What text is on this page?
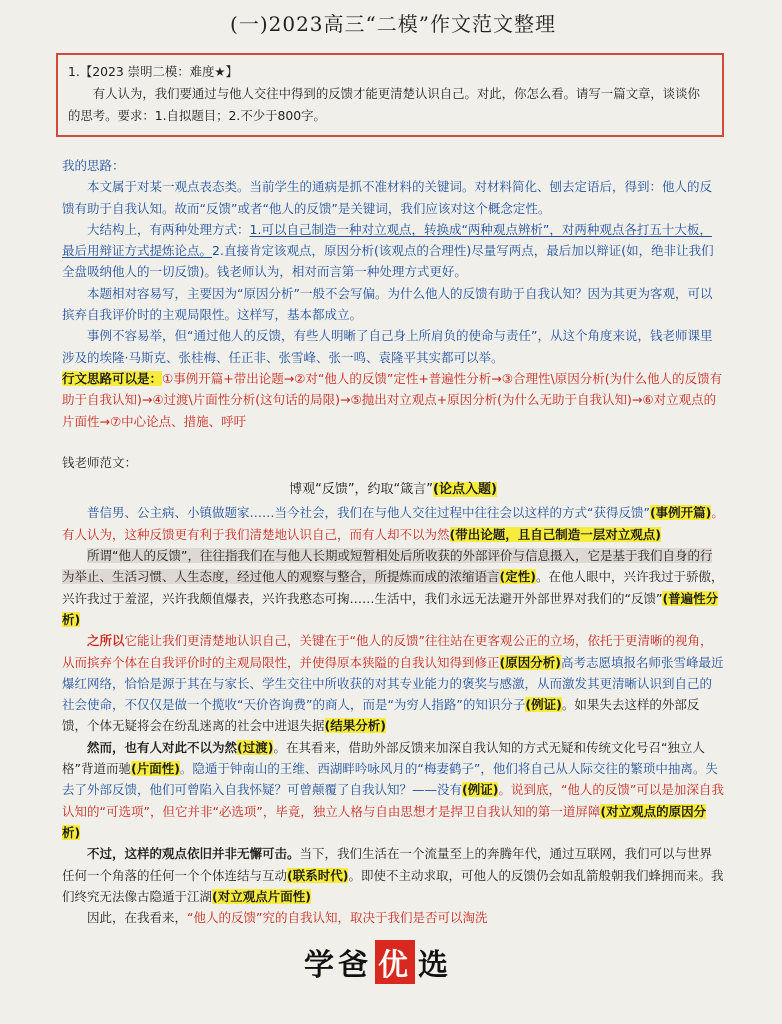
(一)2023高三“二模”作文范文整理
1.【2023 崇明二模：难度★】
有人认为，我们要通过与他人交往中得到的反馈才能更清楚认识自己。对此，你怎么看。请写一篇文章，谈谈你的思考。要求：1.自拟题目；2.不少于800字。

我的思路：

本文属于对某一观点表态类。当前学生的通病是抓不准材料的关键词。对材料简化、刨去定语后，得到：他人的反馈有助于自我认知。故而“反馈”或者“他人的反馈”是关键词，我们应该对这个概念定性。

大结构上，有两种处理方式：1.可以自己制造一种对立观点，转换成“两种观点辨析”，对两种观点各打五十大板，最后用辩证方式提炼论点。2.直接肯定该观点，原因分析(该观点的合理性)尽量写两点，最后加以辩证(如，绝非让我们全盘吸纳他人的一切反馈)。钱老师认为，相对而言第一种处理方式更好。

本题相对容易写，主要因为“原因分析”一般不会写偏。为什么他人的反馈有助于自我认知？因为其更为客观，可以摈弃自我评价时的主观局限性。这样写，基本都成立。

事例不容易举，但“通过他人的反馈，有些人明晰了自己身上所肩负的使命与责任”，从这个角度来说，钱老师课里涉及的埃隆·马斯克、张桂梅、任正非、张雪峰、张一鸣、袁隆平其实都可以举。

行文思路可以是：①事例开篇+带出论题→②对“他人的反馈”定性+普遍性分析→③合理性\原因分析(为什么他人的反馈有助于自我认知)→④过渡\片面性分析(这句话的局限)→⑤抛出对立观点+原因分析(为什么无助于自我认知)→⑥对立观点的片面性→⑦中心论点、措施、呼吁

钱老师范文：

博观“反馈”，约取“箴言”(论点入题)

普信男、公主病、小镇做题家……当今社会，我们在与他人交往过程中往往会以这样的方式“获得反馈”(事例开篇)。有人认为，这种反馈更有利于我们清楚地认识自己，而有人却不以为然(带出论题，且自己制造一层对立观点)

所谓“他人的反馈”，往往指我们在与他人长期或短暂相处后所收获的外部评价与信息摄入，它是基于我们自身的行为举止、生活习惯、人生态度，经过他人的观察与整合，所提炼而成的浓缩语言(定性)。在他人眼中，兴许我过于骄傲，兴许我过于羞涩，兴许我颇值爆表，兴许我憨态可掬……生活中，我们永远无法避开外部世界对我们的“反馈”(普遍性分析)

之所以它能让我们更清楚地认识自己，关键在于“他人的反馈”往往站在更客观公正的立场，依托于更清晰的视角，从而摈弃个体在自我评价时的主观局限性，并使得原本狭隘的自我认知得到修正(原因分析)高考志愿填报名师张雪峰最近爆红网络，恰恰是源于其在与家长、学生交往中所收获的对其专业能力的褒奖与感激，从而激发其更清晰认识到自己的社会使命，不仅仅是做一个揽收“天价咨询费”的商人，而是“为穷人指路”的知识分子(例证)。如果失去这样的外部反馈，个体无疑将会在纷乱迷离的社会中进退失据(结果分析)

然而，也有人对此不以为然(过渡)。在其看来，借助外部反馈来加深自我认知的方式无疑和传统文化号召“独立人格”背道而驰(片面性)。隐遁于钟南山的王维、西湖畔吟咏风月的“梅妻鹤子”，他们将自己从人际交往的繁琐中抽离。失去了外部反馈，他们可曾陷入自我怀疑？可曾颠覆了自我认知？——没有(例证)。说到底，“他人的反馈”可以是加深自我认知的“可选项”，但它并非“必选项”，毕竟，独立人格与自由思想才是捍卫自我认知的第一道屏障(对立观点的原因分析)

不过，这样的观点依旧并非无懈可击。当下，我们生活在一个流量至上的奔腾年代，通过互联网，我们可以与世界任何一个角落的任何一个个体连结与互动(联系时代)。即使不主动求取，可他人的反馈仍会如乱箭般朝我们蜂拥而来。我们终究无法像古隐遁于江湖(对立观点片面性)

因此，在我看来，“他人的反馈”究的自我认知，取决于我们是否可以淘洗

学爸 优 选
